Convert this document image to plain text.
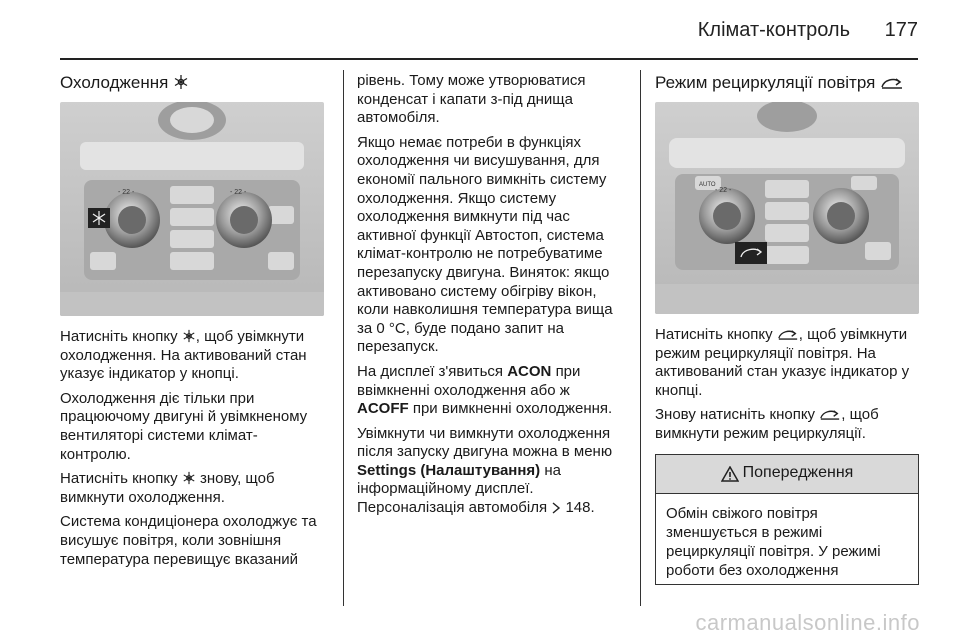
Клімат-контроль 177
Охолодження
- 22 -	- 22 -

Натисніть кнопку , щоб увімкнути охолодження. На активований стан указує індикатор у кнопці.

Охолодження діє тільки при працюючому двигуні й увімкненому вентиляторі системи клімат-контролю.

Натисніть кнопку знову, щоб вимкнути охолодження.

Система кондиціонера охолоджує та висушує повітря, коли зовнішня температура перевищує вказаний

рівень. Тому може утворюватися конденсат і капати з-під днища автомобіля.

Якщо немає потреби в функціях охолодження чи висушування, для економії пального вимкніть систему охолодження. Якщо систему охолодження вимкнути під час активної функції Автостоп, система клімат-контролю не потребуватиме перезапуску двигуна. Виняток: якщо активовано систему обігріву вікон, коли навколишня температура вища за 0 °С, буде подано запит на перезапуск.

На дисплеї з'явиться ACON при ввімкненні охолодження або ж ACOFF при вимкненні охолодження.

Увімкнути чи вимкнути охолодження після запуску двигуна можна в меню Settings (Налаштування) на інформаційному дисплеї.
Персоналізація автомобіля 148.

Режим рециркуляції повітря
AUTO
- 22 -

Натисніть кнопку , щоб увімкнути режим рециркуляції повітря. На активований стан указує індикатор у кнопці.

Знову натисніть кнопку , щоб вимкнути режим рециркуляції.

Попередження
Обмін свіжого повітря зменшується в режимі рециркуляції повітря. У режимі роботи без охолодження
carmanualsonline.info
